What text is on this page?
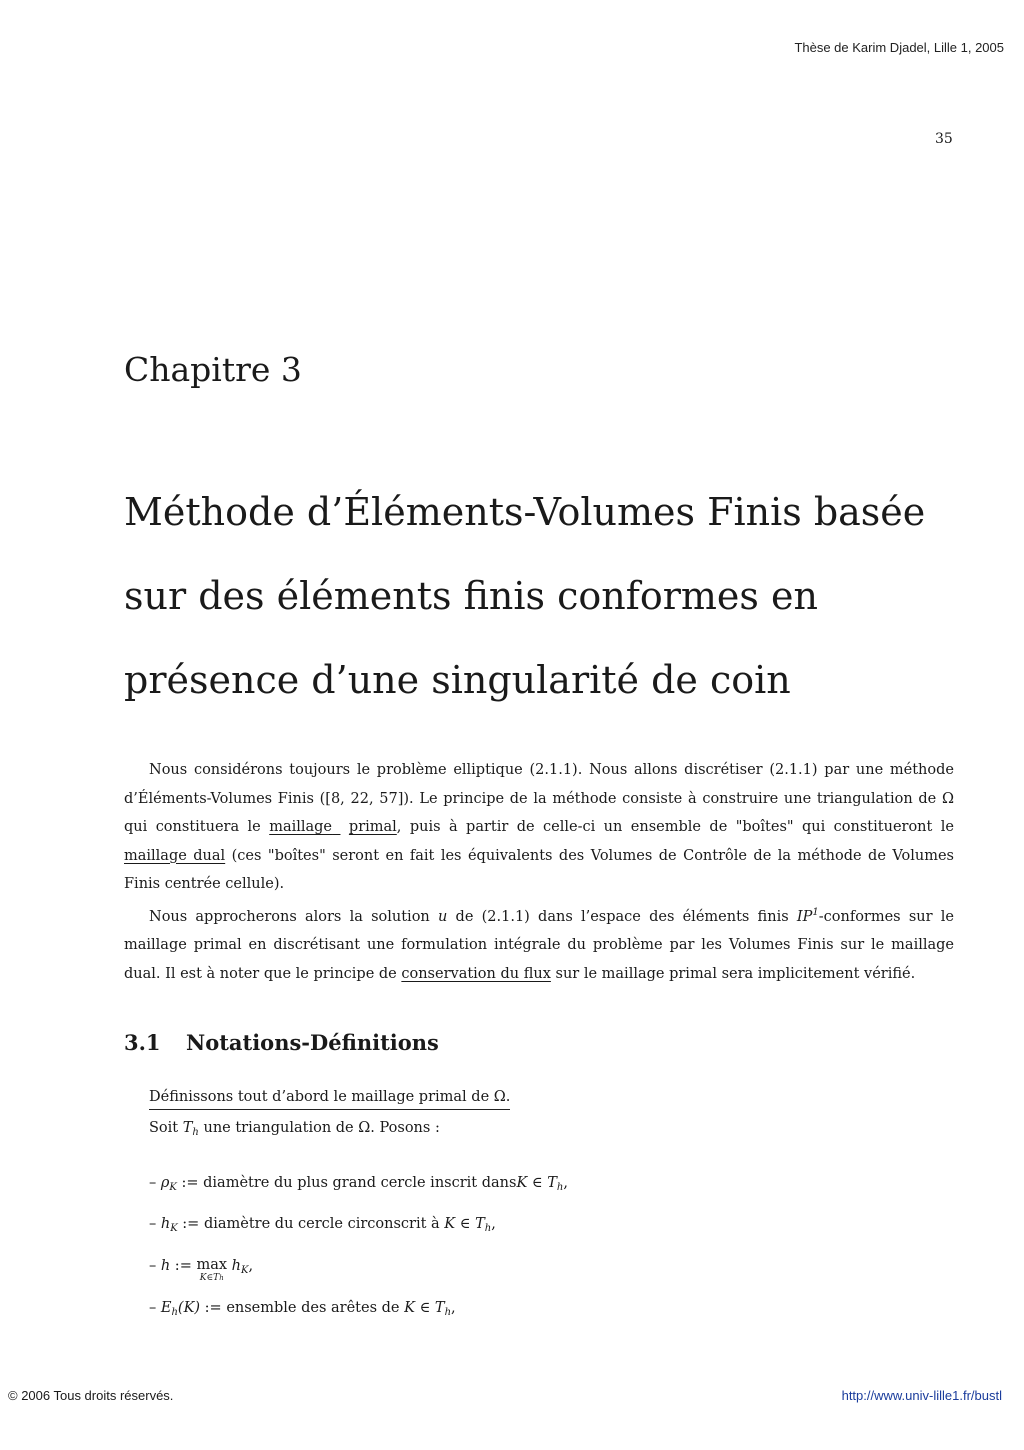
Thèse de Karim Djadel, Lille 1, 2005
35
Chapitre 3
Méthode d’Éléments-Volumes Finis basée
sur des éléments finis conformes en
présence d’une singularité de coin

Nous considérons toujours le problème elliptique (2.1.1). Nous allons discrétiser (2.1.1) par une méthode d’Éléments-Volumes Finis ([8, 22, 57]). Le principe de la méthode consiste à construire une triangulation de Ω qui constituera le maillage primal, puis à partir de celle-ci un ensemble de "boîtes" qui constitueront le maillage dual (ces "boîtes" seront en fait les équivalents des Volumes de Contrôle de la méthode de Volumes Finis centrée cellule).

Nous approcherons alors la solution u de (2.1.1) dans l’espace des éléments finis $IP^1$-conformes sur le maillage primal en discrétisant une formulation intégrale du problème par les Volumes Finis sur le maillage dual. Il est à noter que le principe de conservation du flux sur le maillage primal sera implicitement vérifié.

3.1 Notations-Définitions
Définissons tout d’abord le maillage primal de Ω.
Soit $T_h$ une triangulation de Ω. Posons :
– $\rho_K$ := diamètre du plus grand cercle inscrit dansK ∈ $T_h$,
– $h_K$ := diamètre du cercle circonscrit à K ∈ $T_h$,
– h := max
K∈Th
$h_K$,
– $E_h(K)$ := ensemble des arêtes de K ∈ $T_h$,
© 2006 Tous droits réservés.	http://www.univ-lille1.fr/bustl
